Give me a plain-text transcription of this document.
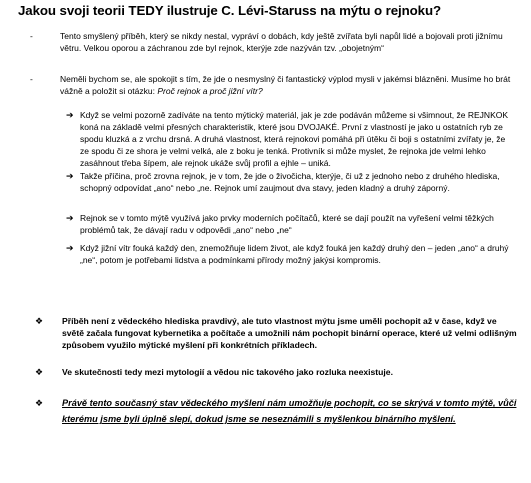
Jakou svoji teorii TEDY ilustruje C. Lévi-Staruss na mýtu o rejnoku?
-	Tento smyšlený příběh, který se nikdy nestal, vypráví o dobách, kdy ještě zvířata byli napůl lidé a bojovali proti jižnímu větru. Velkou oporou a záchranou zde byl rejnok, kterýje zde nazýván tzv. „obojetným“
-	Neměli bychom se, ale spokojit s tím, že jde o nesmyslný či fantastický výplod mysli v jakémsi blázněni. Musíme ho brát vážně a položit si otázku: Proč rejnok a proč jižní vítr?
➔ Když se velmi pozorně zadíváte na tento mýtický materiál, jak je zde podáván můžeme si všimnout, že REJNKOK koná na základě velmi přesných charakteristik, které jsou DVOJAKÉ. První z vlastností je jako u ostatních ryb ze spodu kluzká a z vrchu drsná. A druhá vlastnost, která rejnokovi pomáhá při útěku či boji s ostatními zvířaty je, že ze spodu či ze shora je velmi velká, ale z boku je tenká. Protivník si může myslet, že rejnoka jde velmi lehko zasáhnout třeba šípem, ale rejnok ukáže svůj profil a ejhle – uniká.
➔ Takže příčina, proč zrovna rejnok, je v tom, že jde o živočicha, kterýje, či už z jednoho nebo z druhého hlediska, schopný odpovídat „ano“ nebo „ne. Rejnok umí zaujmout dva stavy, jeden kladný a druhý záporný.
➔ Rejnok se v tomto mýtě využívá jako prvky moderních počítačů, které se dají použít na vyřešení velmi těžkých problémů tak, že dávají radu v odpovědi „ano“ nebo „ne“
➔ Když jižní vítr fouká každý den, znemožňuje lidem život, ale když fouká jen každý druhý den – jeden „ano“ a druhý „ne“, potom je potřebami lidstva a podmínkami přírody možný jakýsi kompromis.
❖ Příběh není z vědeckého hlediska pravdivý, ale tuto vlastnost mýtu jsme uměli pochopit až v čase, když ve světě začala fungovat kybernetika a počítače a umožnili nám pochopit binární operace, které už velmi odlišným způsobem využilo mýtické myšlení při konkrétních příkladech.
❖ Ve skutečnosti tedy mezi mytologií a vědou nic takového jako rozluka neexistuje.
❖ Právě tento současný stav vědeckého myšlení nám umožňuje pochopit, co se skrývá v tomto mýtě, vůči kterému jsme byli úplně slepí, dokud jsme se neseznámili s myšlenkou binárního myšlení.
